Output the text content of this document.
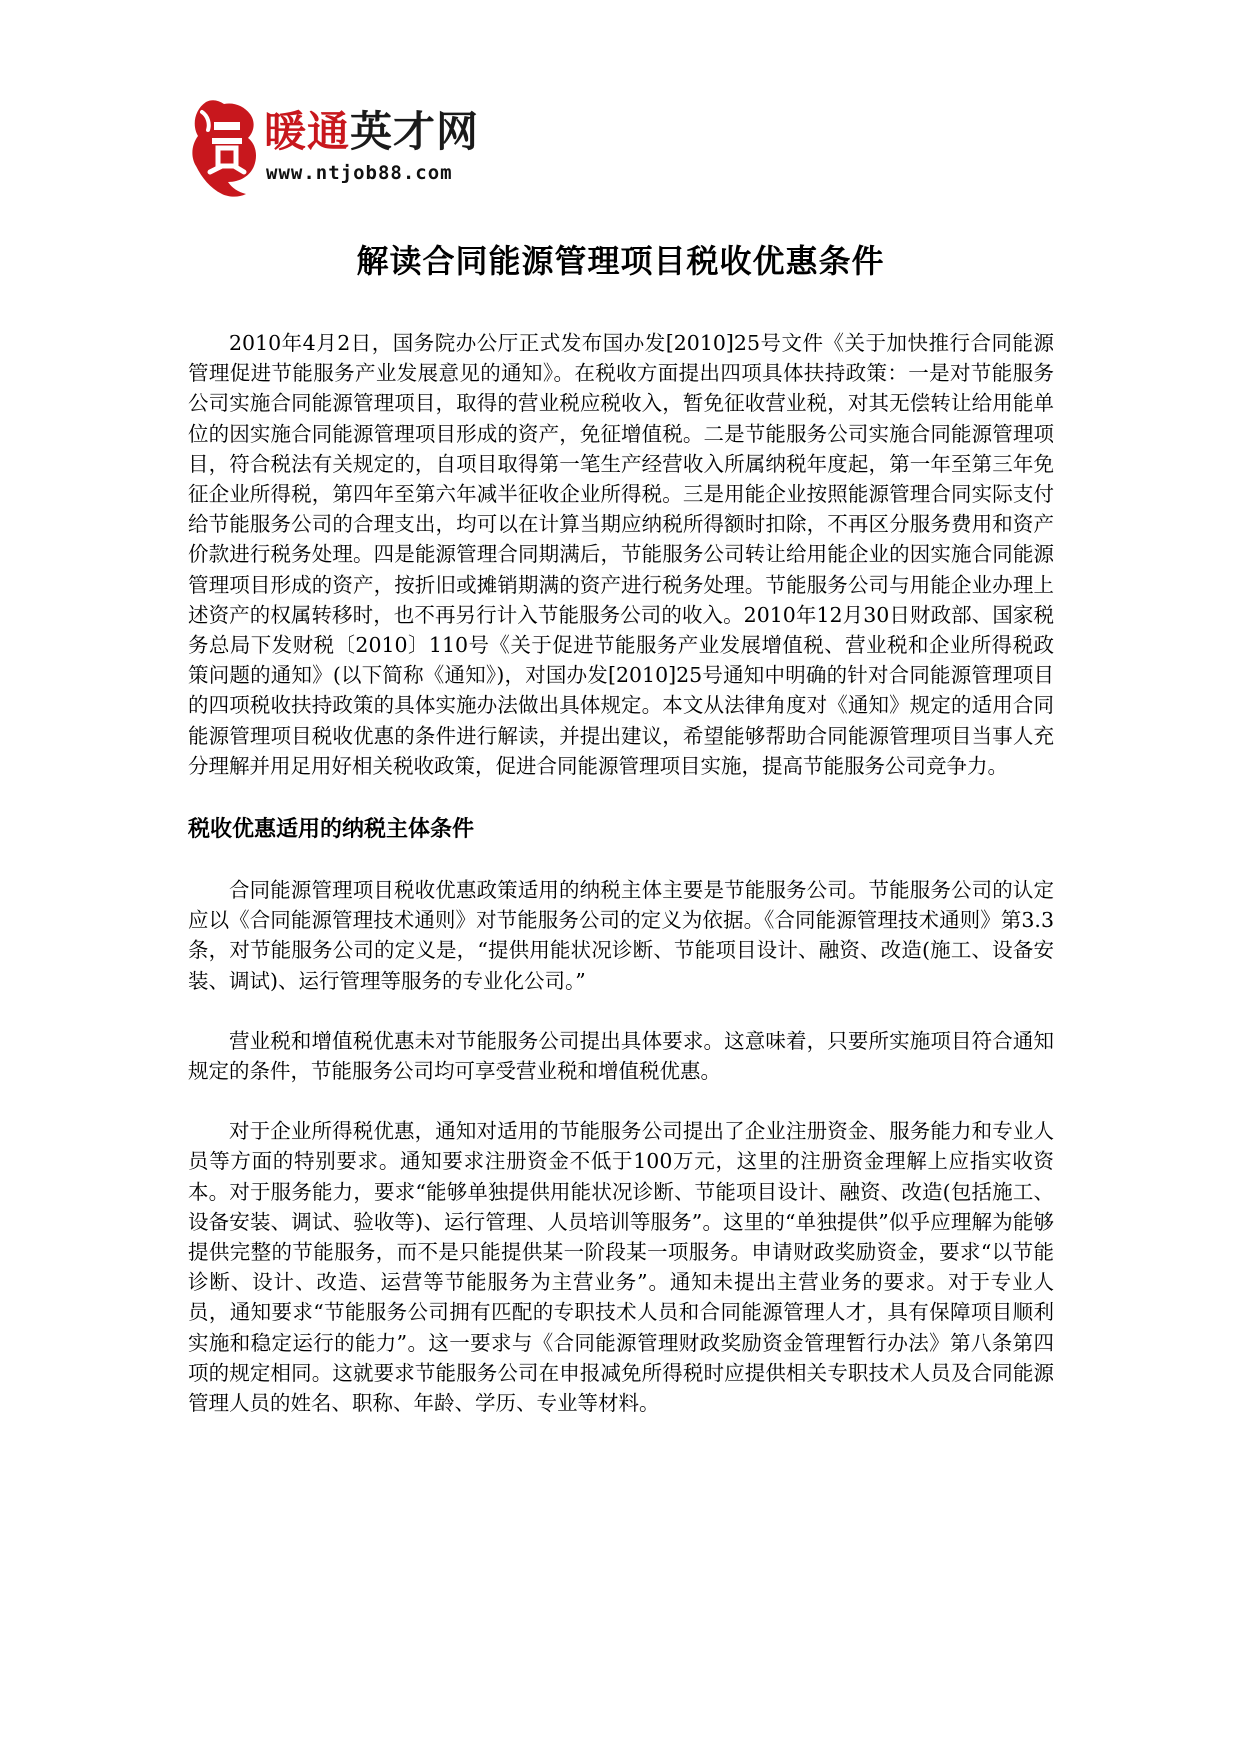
暖通英才网
www.ntjob88.com
解读合同能源管理项目税收优惠条件

2010年4月2日，国务院办公厅正式发布国办发[2010]25号文件《关于加快推行合同能源管理促进节能服务产业发展意见的通知》。在税收方面提出四项具体扶持政策：一是对节能服务公司实施合同能源管理项目，取得的营业税应税收入，暂免征收营业税，对其无偿转让给用能单位的因实施合同能源管理项目形成的资产，免征增值税。二是节能服务公司实施合同能源管理项目，符合税法有关规定的，自项目取得第一笔生产经营收入所属纳税年度起，第一年至第三年免征企业所得税，第四年至第六年减半征收企业所得税。三是用能企业按照能源管理合同实际支付给节能服务公司的合理支出，均可以在计算当期应纳税所得额时扣除，不再区分服务费用和资产价款进行税务处理。四是能源管理合同期满后，节能服务公司转让给用能企业的因实施合同能源管理项目形成的资产，按折旧或摊销期满的资产进行税务处理。节能服务公司与用能企业办理上述资产的权属转移时，也不再另行计入节能服务公司的收入。2010年12月30日财政部、国家税务总局下发财税〔2010〕110号《关于促进节能服务产业发展增值税、营业税和企业所得税政策问题的通知》(以下简称《通知》)，对国办发[2010]25号通知中明确的针对合同能源管理项目的四项税收扶持政策的具体实施办法做出具体规定。本文从法律角度对《通知》规定的适用合同能源管理项目税收优惠的条件进行解读，并提出建议，希望能够帮助合同能源管理项目当事人充分理解并用足用好相关税收政策，促进合同能源管理项目实施，提高节能服务公司竞争力。

税收优惠适用的纳税主体条件

合同能源管理项目税收优惠政策适用的纳税主体主要是节能服务公司。节能服务公司的认定应以《合同能源管理技术通则》对节能服务公司的定义为依据。《合同能源管理技术通则》第3.3条，对节能服务公司的定义是，“提供用能状况诊断、节能项目设计、融资、改造(施工、设备安装、调试)、运行管理等服务的专业化公司。”

营业税和增值税优惠未对节能服务公司提出具体要求。这意味着，只要所实施项目符合通知规定的条件，节能服务公司均可享受营业税和增值税优惠。

对于企业所得税优惠，通知对适用的节能服务公司提出了企业注册资金、服务能力和专业人员等方面的特别要求。通知要求注册资金不低于100万元，这里的注册资金理解上应指实收资本。对于服务能力，要求“能够单独提供用能状况诊断、节能项目设计、融资、改造(包括施工、设备安装、调试、验收等)、运行管理、人员培训等服务”。这里的“单独提供”似乎应理解为能够提供完整的节能服务，而不是只能提供某一阶段某一项服务。申请财政奖励资金，要求“以节能诊断、设计、改造、运营等节能服务为主营业务”。通知未提出主营业务的要求。对于专业人员，通知要求“节能服务公司拥有匹配的专职技术人员和合同能源管理人才，具有保障项目顺利实施和稳定运行的能力”。这一要求与《合同能源管理财政奖励资金管理暂行办法》第八条第四项的规定相同。这就要求节能服务公司在申报减免所得税时应提供相关专职技术人员及合同能源管理人员的姓名、职称、年龄、学历、专业等材料。
